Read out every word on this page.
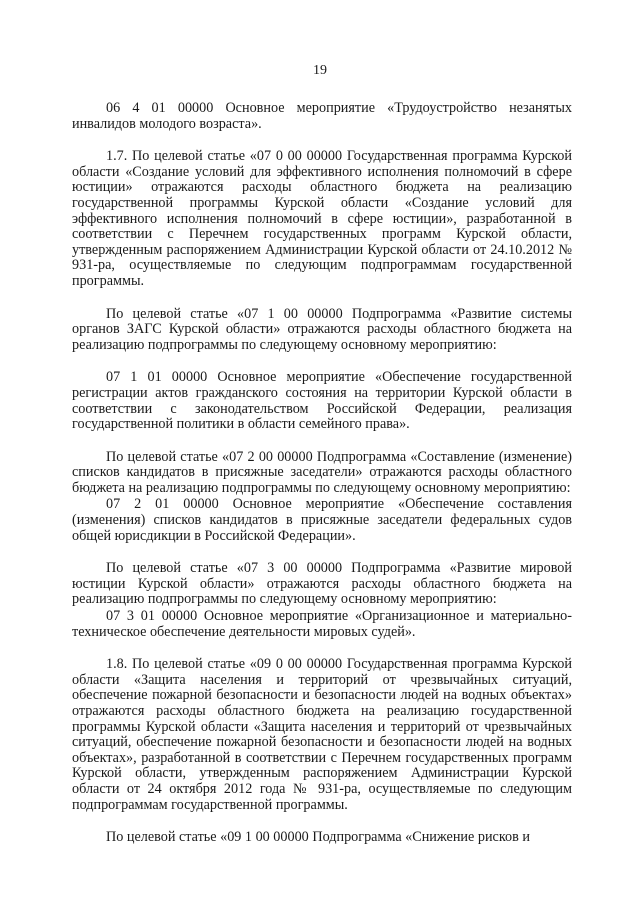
19

06 4 01 00000 Основное мероприятие «Трудоустройство незанятых инвалидов молодого возраста».

1.7. По целевой статье «07 0 00 00000 Государственная программа Курской области «Создание условий для эффективного исполнения полномочий в сфере юстиции» отражаются расходы областного бюджета на реализацию государственной программы Курской области «Создание условий для эффективного исполнения полномочий в сфере юстиции», разработанной в соответствии с Перечнем государственных программ Курской области, утвержденным распоряжением Администрации Курской области от 24.10.2012 № 931-ра, осуществляемые по следующим подпрограммам государственной программы.

По целевой статье «07 1 00 00000 Подпрограмма «Развитие системы органов ЗАГС Курской области» отражаются расходы областного бюджета на реализацию подпрограммы по следующему основному мероприятию:

07 1 01 00000 Основное мероприятие «Обеспечение государственной регистрации актов гражданского состояния на территории Курской области в соответствии с законодательством Российской Федерации, реализация государственной политики в области семейного права».

По целевой статье «07 2 00 00000 Подпрограмма «Составление (изменение) списков кандидатов в присяжные заседатели» отражаются расходы областного бюджета на реализацию подпрограммы по следующему основному мероприятию:

07 2 01 00000 Основное мероприятие «Обеспечение составления (изменения) списков кандидатов в присяжные заседатели федеральных судов общей юрисдикции в Российской Федерации».

По целевой статье «07 3 00 00000 Подпрограмма «Развитие мировой юстиции Курской области» отражаются расходы областного бюджета на реализацию подпрограммы по следующему основному мероприятию:

07 3 01 00000 Основное мероприятие «Организационное и материально- техническое обеспечение деятельности мировых судей».

1.8. По целевой статье «09 0 00 00000 Государственная программа Курской области «Защита населения и территорий от чрезвычайных ситуаций, обеспечение пожарной безопасности и безопасности людей на водных объектах» отражаются расходы областного бюджета на реализацию государственной программы Курской области «Защита населения и территорий от чрезвычайных ситуаций, обеспечение пожарной безопасности и безопасности людей на водных объектах», разработанной в соответствии с Перечнем государственных программ Курской области, утвержденным распоряжением Администрации Курской области от 24 октября 2012 года № 931-ра, осуществляемые по следующим подпрограммам государственной программы.

По целевой статье «09 1 00 00000 Подпрограмма «Снижение рисков и
